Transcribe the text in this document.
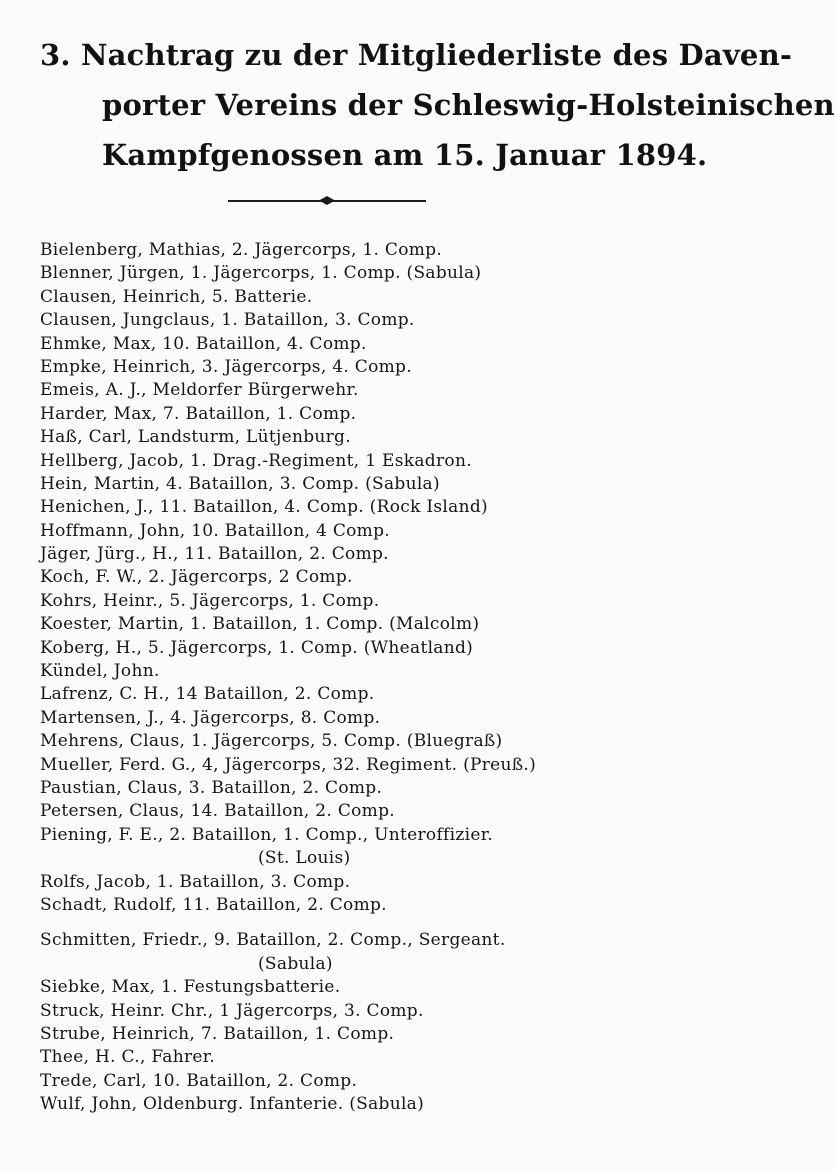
3. Nachtrag zu der Mitgliederliste des Daven-
porter Vereins der Schleswig-Holsteinischen
Kampfgenossen am 15. Januar 1894.
Bielenberg, Mathias, 2. Jägercorps, 1. Comp.
Blenner, Jürgen, 1. Jägercorps, 1. Comp. (Sabula)
Clausen, Heinrich, 5. Batterie.
Clausen, Jungclaus, 1. Bataillon, 3. Comp.
Ehmke, Max, 10. Bataillon, 4. Comp.
Empke, Heinrich, 3. Jägercorps, 4. Comp.
Emeis, A. J., Meldorfer Bürgerwehr.
Harder, Max, 7. Bataillon, 1. Comp.
Haß, Carl, Landsturm, Lütjenburg.
Hellberg, Jacob, 1. Drag.-Regiment, 1 Eskadron.
Hein, Martin, 4. Bataillon, 3. Comp. (Sabula)
Henichen, J., 11. Bataillon, 4. Comp. (Rock Island)
Hoffmann, John, 10. Bataillon, 4 Comp.
Jäger, Jürg., H., 11. Bataillon, 2. Comp.
Koch, F. W., 2. Jägercorps, 2 Comp.
Kohrs, Heinr., 5. Jägercorps, 1. Comp.
Koester, Martin, 1. Bataillon, 1. Comp. (Malcolm)
Koberg, H., 5. Jägercorps, 1. Comp. (Wheatland)
Kündel, John.
Lafrenz, C. H., 14 Bataillon, 2. Comp.
Martensen, J., 4. Jägercorps, 8. Comp.
Mehrens, Claus, 1. Jägercorps, 5. Comp. (Bluegraß)
Mueller, Ferd. G., 4, Jägercorps, 32. Regiment. (Preuß.)
Paustian, Claus, 3. Bataillon, 2. Comp.
Petersen, Claus, 14. Bataillon, 2. Comp.
Piening, F. E., 2. Bataillon, 1. Comp., Unteroffizier.
(St. Louis)
Rolfs, Jacob, 1. Bataillon, 3. Comp.
Schadt, Rudolf, 11. Bataillon, 2. Comp.
Schmitten, Friedr., 9. Bataillon, 2. Comp., Sergeant.
(Sabula)
Siebke, Max, 1. Festungsbatterie.
Struck, Heinr. Chr., 1 Jägercorps, 3. Comp.
Strube, Heinrich, 7. Bataillon, 1. Comp.
Thee, H. C., Fahrer.
Trede, Carl, 10. Bataillon, 2. Comp.
Wulf, John, Oldenburg. Infanterie. (Sabula)
